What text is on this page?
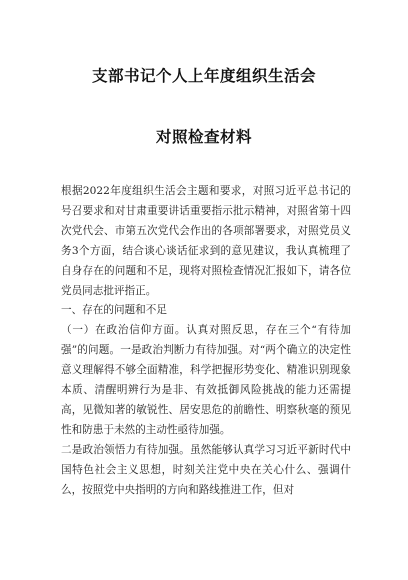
支部书记个人上年度组织生活会
对照检查材料

根据2022年度组织生活会主题和要求，对照习近平总书记的号召要求和对甘肃重要讲话重要指示批示精神，对照省第十四次党代会、市第五次党代会作出的各项部署要求，对照党员义务3个方面，结合谈心谈话征求到的意见建议，我认真梳理了自身存在的问题和不足，现将对照检查情况汇报如下，请各位党员同志批评指正。

一、存在的问题和不足

（一）在政治信仰方面。认真对照反思，存在三个“有待加强”的问题。一是政治判断力有待加强。对“两个确立的决定性意义理解得不够全面精准，科学把握形势变化、精准识别现象本质、清醒明辨行为是非、有效抵御风险挑战的能力还需提高，见微知著的敏锐性、居安思危的前瞻性、明察秋毫的预见性和防患于未然的主动性亟待加强。

二是政治领悟力有待加强。虽然能够认真学习习近平新时代中国特色社会主义思想，时刻关注党中央在关心什么、强调什么，按照党中央指明的方向和路线推进工作，但对
